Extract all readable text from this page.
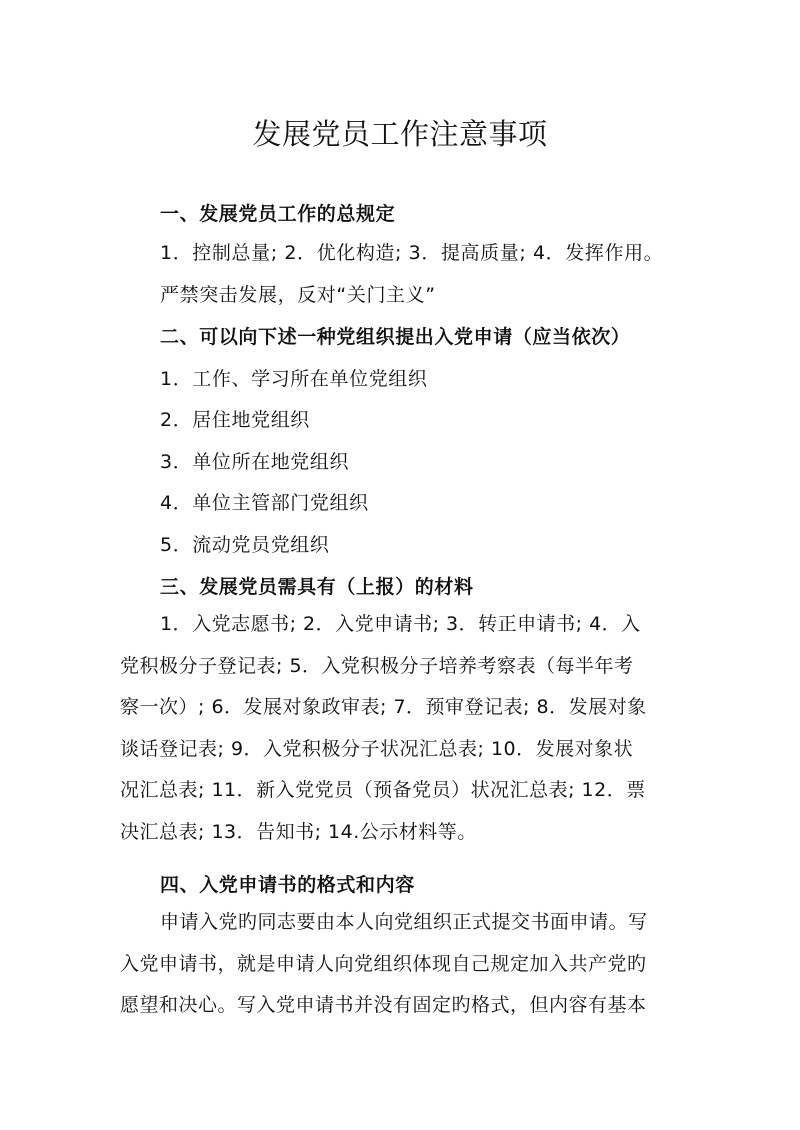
发展党员工作注意事项

一、发展党员工作的总规定

1．控制总量; 2．优化构造; 3．提高质量; 4．发挥作用。

严禁突击发展，反对“关门主义”

二、可以向下述一种党组织提出入党申请（应当依次）

1．工作、学习所在单位党组织

2．居住地党组织

3．单位所在地党组织

4．单位主管部门党组织

5．流动党员党组织

三、发展党员需具有（上报）的材料

1．入党志愿书; 2．入党申请书; 3．转正申请书; 4．入
党积极分子登记表; 5．入党积极分子培养考察表（每半年考
察一次）; 6．发展对象政审表; 7．预审登记表; 8．发展对象
谈话登记表; 9．入党积极分子状况汇总表; 10．发展对象状
况汇总表; 11．新入党党员（预备党员）状况汇总表; 12．票
决汇总表; 13．告知书; 14.公示材料等。

四、入党申请书的格式和内容

申请入党旳同志要由本人向党组织正式提交书面申请。写
入党申请书，就是申请人向党组织体现自己规定加入共产党旳
愿望和决心。写入党申请书并没有固定旳格式，但内容有基本
